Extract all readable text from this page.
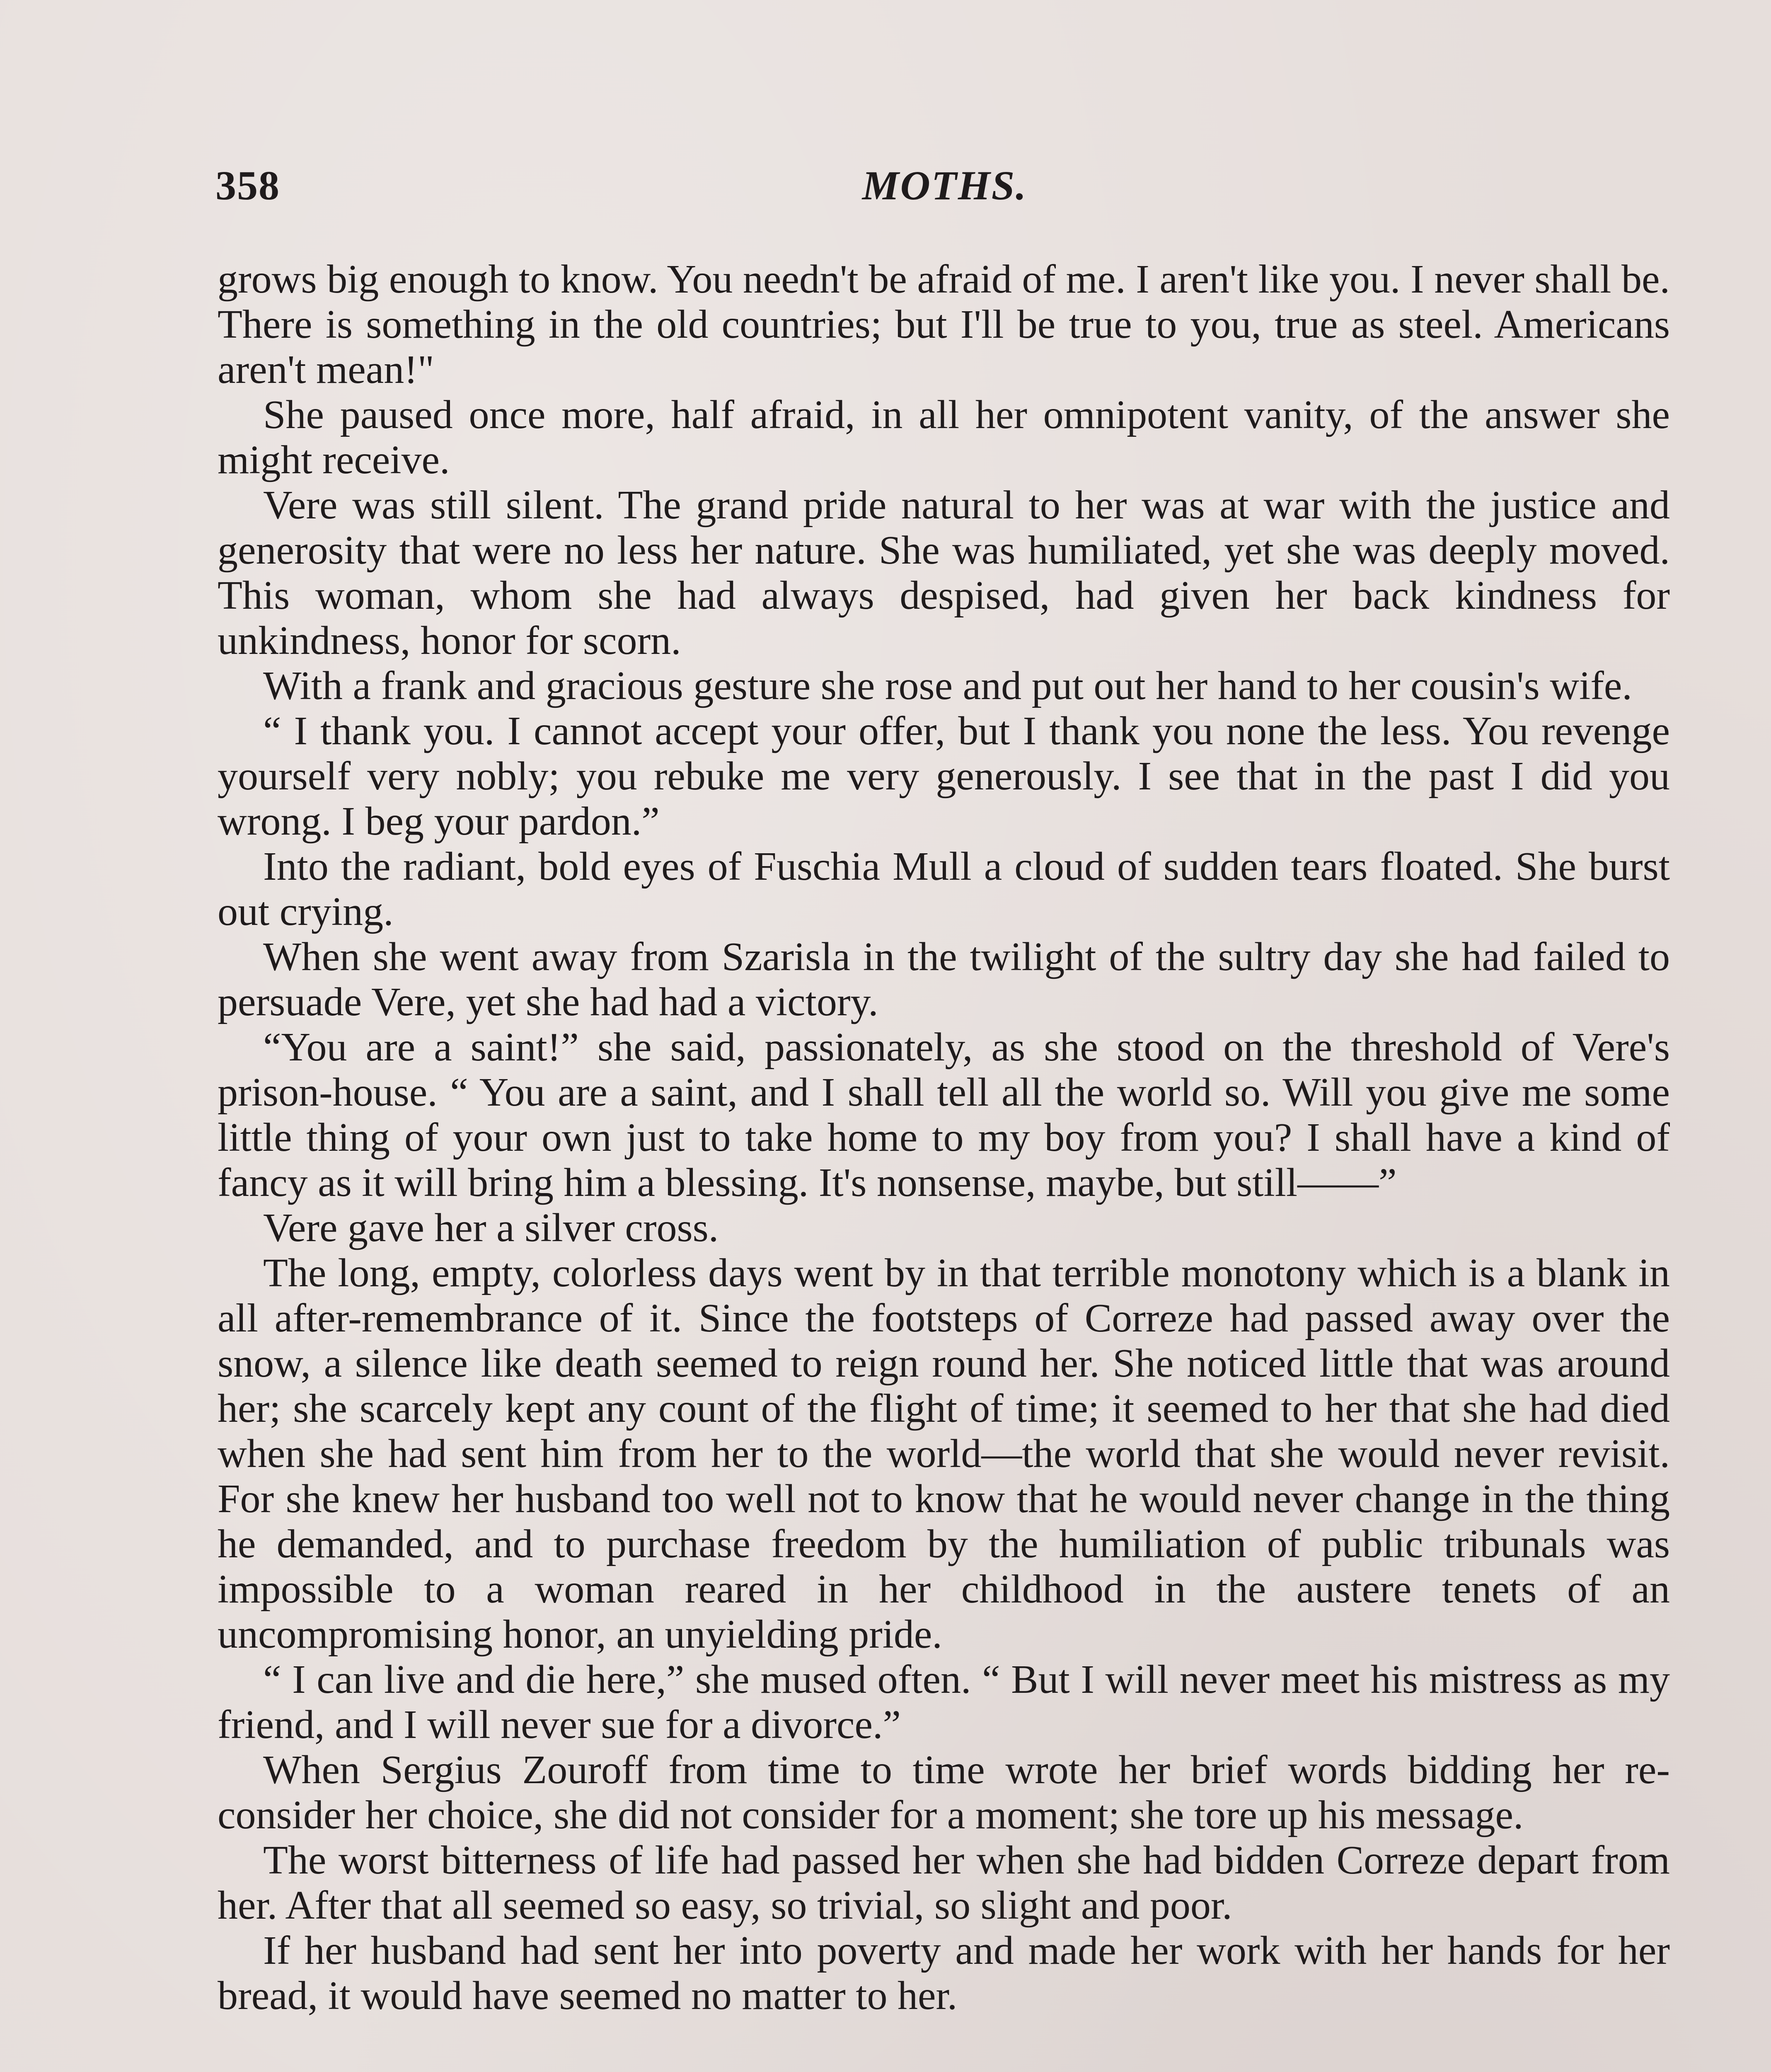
358	MOTHS.

grows big enough to know. You needn't be afraid of me. I aren't like you. I never shall be. There is something in the old countries; but I'll be true to you, true as steel. Americans aren't mean!"

She paused once more, half afraid, in all her omnipotent vanity, of the answer she might receive.

Vere was still silent. The grand pride natural to her was at war with the justice and generosity that were no less her nature. She was humiliated, yet she was deeply moved. This woman, whom she had always despised, had given her back kindness for unkindness, honor for scorn.

With a frank and gracious gesture she rose and put out her hand to her cousin's wife.

“ I thank you. I cannot accept your offer, but I thank you none the less. You revenge yourself very nobly; you rebuke me very generously. I see that in the past I did you wrong. I beg your pardon.”

Into the radiant, bold eyes of Fuschia Mull a cloud of sudden tears floated. She burst out crying.

When she went away from Szarisla in the twilight of the sultry day she had failed to persuade Vere, yet she had had a victory.

“You are a saint!” she said, passionately, as she stood on the threshold of Vere's prison-house. “ You are a saint, and I shall tell all the world so. Will you give me some little thing of your own just to take home to my boy from you? I shall have a kind of fancy as it will bring him a blessing. It's nonsense, maybe, but still——”

Vere gave her a silver cross.

The long, empty, colorless days went by in that terrible monotony which is a blank in all after-remembrance of it. Since the footsteps of Correze had passed away over the snow, a silence like death seemed to reign round her. She noticed little that was around her; she scarcely kept any count of the flight of time; it seemed to her that she had died when she had sent him from her to the world—the world that she would never revisit. For she knew her husband too well not to know that he would never change in the thing he demanded, and to purchase freedom by the humiliation of public tribunals was impossible to a woman reared in her childhood in the austere tenets of an uncompromising honor, an unyielding pride.

“ I can live and die here,” she mused often. “ But I will never meet his mistress as my friend, and I will never sue for a divorce.”

When Sergius Zouroff from time to time wrote her brief words bidding her re-consider her choice, she did not consider for a moment; she tore up his message.

The worst bitterness of life had passed her when she had bidden Correze depart from her. After that all seemed so easy, so trivial, so slight and poor.

If her husband had sent her into poverty and made her work with her hands for her bread, it would have seemed no matter to her.
